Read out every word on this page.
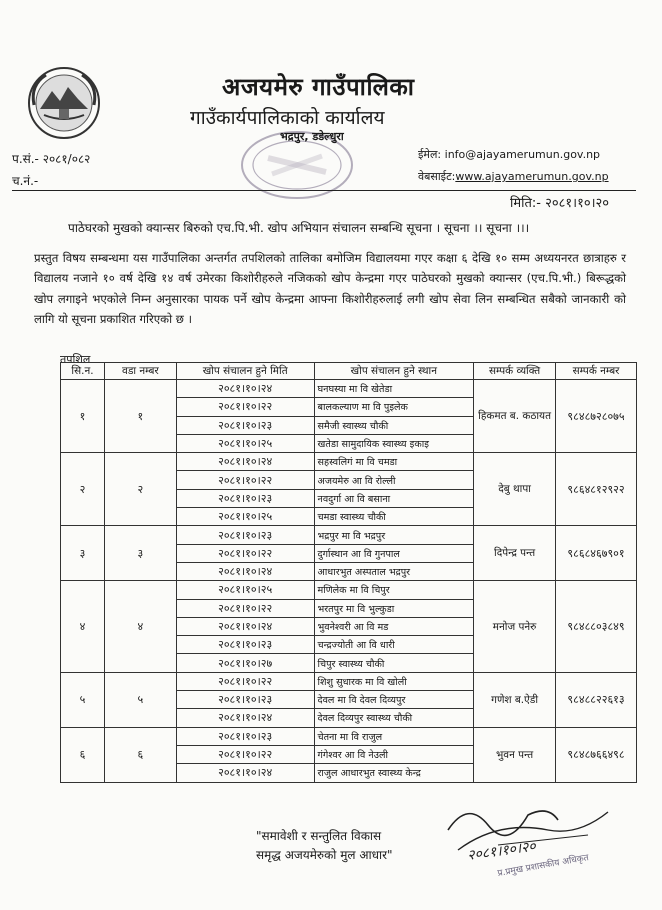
अजयमेरु गाउँपालिका
गाउँकार्यपालिकाको कार्यालय
भद्रपुर, डडेल्धुरा
प.सं.- २०८१/०८२
च.नं.-
ईमेल: info@ajayamerumun.gov.np
वेबसाईट:www.ajayamerumun.gov.np
मिति:- २०८१।१०।२०
पाठेघरको मुखको क्यान्सर बिरुको एच.पि.भी. खोप अभियान संचालन सम्बन्धि सूचना । सूचना ।। सूचना ।।।
प्रस्तुत विषय सम्बन्धमा यस गाउँपालिका अन्तर्गत तपशिलको तालिका बमोजिम विद्यालयमा गएर कक्षा ६ देखि १० सम्म अध्ययनरत छात्राहरु र विद्यालय नजाने १० वर्ष देखि १४ वर्ष उमेरका किशोरीहरुले नजिकको खोप केन्द्रमा गएर पाठेघरको मुखको क्यान्सर (एच.पि.भी.) बिरूद्धको खोप लगाइने भएकोले निम्न अनुसारका पायक पर्ने खोप केन्द्रमा आफ्ना किशोरीहरुलाई लगी खोप सेवा लिन सम्बन्धित सबैको जानकारी को लागि यो सूचना प्रकाशित गरिएको छ ।
तपशिल
सि.न.	वडा नम्बर	खोप संचालन हुने मिति	खोप संचालन हुने स्थान	सम्पर्क व्यक्ति	सम्पर्क नम्बर
१	१	२०८१।१०।२४	घनघस्या मा वि खेतेडा	हिकमत ब. कठायत	९८४८७२८०७५
		२०८१।१०।२२	बालकल्याण मा वि पुइलेक		
		२०८१।१०।२३	समैजी स्वास्थ्य चौकी		
		२०८१।१०।२५	खतेडा सामुदायिक स्वास्थ्य इकाइ		
२	२	२०८१।१०।२४	सहस्वलिगं मा वि चमडा	देबु थापा	९८६४८१२९२२
		२०८१।१०।२२	अजयमेरु आ वि रोल्ली		
		२०८१।१०।२३	नवदुर्गा आ वि बसाना		
		२०८१।१०।२५	चमडा स्वास्थ्य चौकी		
३	३	२०८१।१०।२३	भद्रपुर मा वि भद्रपुर	दिपेन्द्र पन्त	९८६८४६७९०१
		२०८१।१०।२२	दुर्गास्थान आ वि गुनपाल		
		२०८१।१०।२४	आधारभुत अस्पताल भद्रपुर		
४	४	२०८१।१०।२५	मणिलेक मा वि चिपुर	मनोज पनेरु	९८४८८०३८४९
		२०८१।१०।२२	भरतपुर मा वि भुल्कुडा		
		२०८१।१०।२४	भुवनेश्वरी आ वि मड		
		२०८१।१०।२३	चन्द्रज्योती आ वि धारी		
		२०८१।१०।२७	चिपुर स्वास्थ्य चौकी		
५	५	२०८१।१०।२२	शिशु सुधारक मा वि खोली	गणेश ब.ऐडी	९८४८८२२६१३
		२०८१।१०।२३	देवल मा वि देवल दिव्यपुर		
		२०८१।१०।२४	देवल दिव्यपुर स्वास्थ्य चौकी		
६	६	२०८१।१०।२३	चेतना मा वि राजुल	भुवन पन्त	९८४८७६६४९८
		२०८१।१०।२२	गंगेश्वर आ वि नेउली		
		२०८१।१०।२४	राजुल आधारभुत स्वास्थ्य केन्द्र		
"समावेशी र सन्तुलित विकास
समृद्ध अजयमेरुको मुल आधार"	२०८१।१०।२०
प्र.प्रमुख प्रशासकीय अधिकृत
